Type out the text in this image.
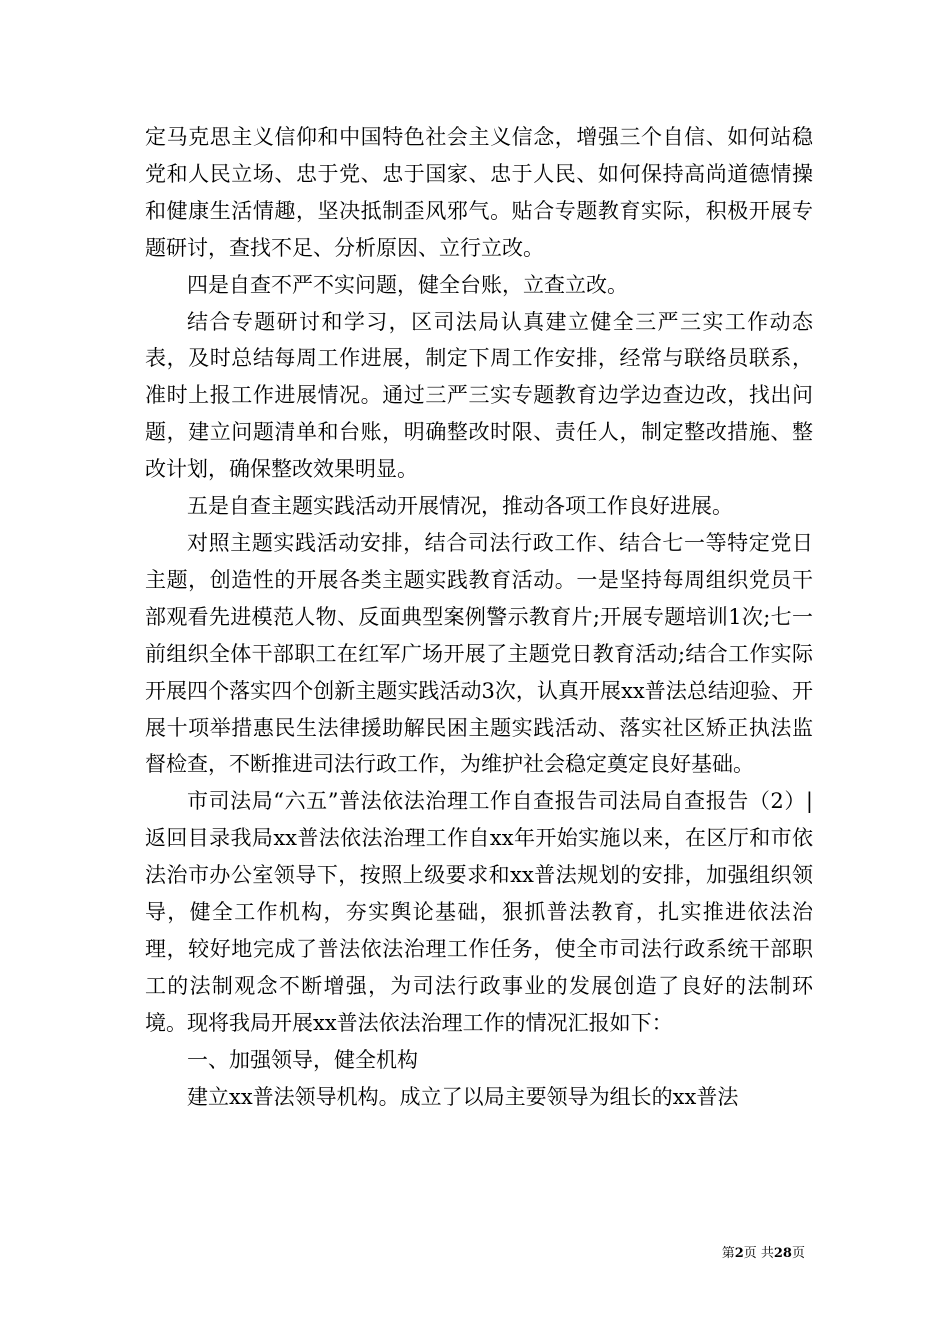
定马克思主义信仰和中国特色社会主义信念，增强三个自信、如何站稳党和人民立场、忠于党、忠于国家、忠于人民、如何保持高尚道德情操和健康生活情趣，坚决抵制歪风邪气。贴合专题教育实际，积极开展专题研讨，查找不足、分析原因、立行立改。

四是自查不严不实问题，健全台账，立查立改。

结合专题研讨和学习，区司法局认真建立健全三严三实工作动态表，及时总结每周工作进展，制定下周工作安排，经常与联络员联系，准时上报工作进展情况。通过三严三实专题教育边学边查边改，找出问题，建立问题清单和台账，明确整改时限、责任人，制定整改措施、整改计划，确保整改效果明显。

五是自查主题实践活动开展情况，推动各项工作良好进展。

对照主题实践活动安排，结合司法行政工作、结合七一等特定党日主题，创造性的开展各类主题实践教育活动。一是坚持每周组织党员干部观看先进模范人物、反面典型案例警示教育片;开展专题培训1次;七一前组织全体干部职工在红军广场开展了主题党日教育活动;结合工作实际开展四个落实四个创新主题实践活动3次，认真开展xx普法总结迎验、开展十项举措惠民生法律援助解民困主题实践活动、落实社区矫正执法监督检查，不断推进司法行政工作，为维护社会稳定奠定良好基础。

市司法局“六五”普法依法治理工作自查报告司法局自查报告（2）|返回目录我局xx普法依法治理工作自xx年开始实施以来，在区厅和市依法治市办公室领导下，按照上级要求和xx普法规划的安排，加强组织领导，健全工作机构，夯实舆论基础，狠抓普法教育，扎实推进依法治理，较好地完成了普法依法治理工作任务，使全市司法行政系统干部职工的法制观念不断增强，为司法行政事业的发展创造了良好的法制环境。现将我局开展xx普法依法治理工作的情况汇报如下：

一、加强领导，健全机构

建立xx普法领导机构。成立了以局主要领导为组长的xx普法

第2页 共28页
